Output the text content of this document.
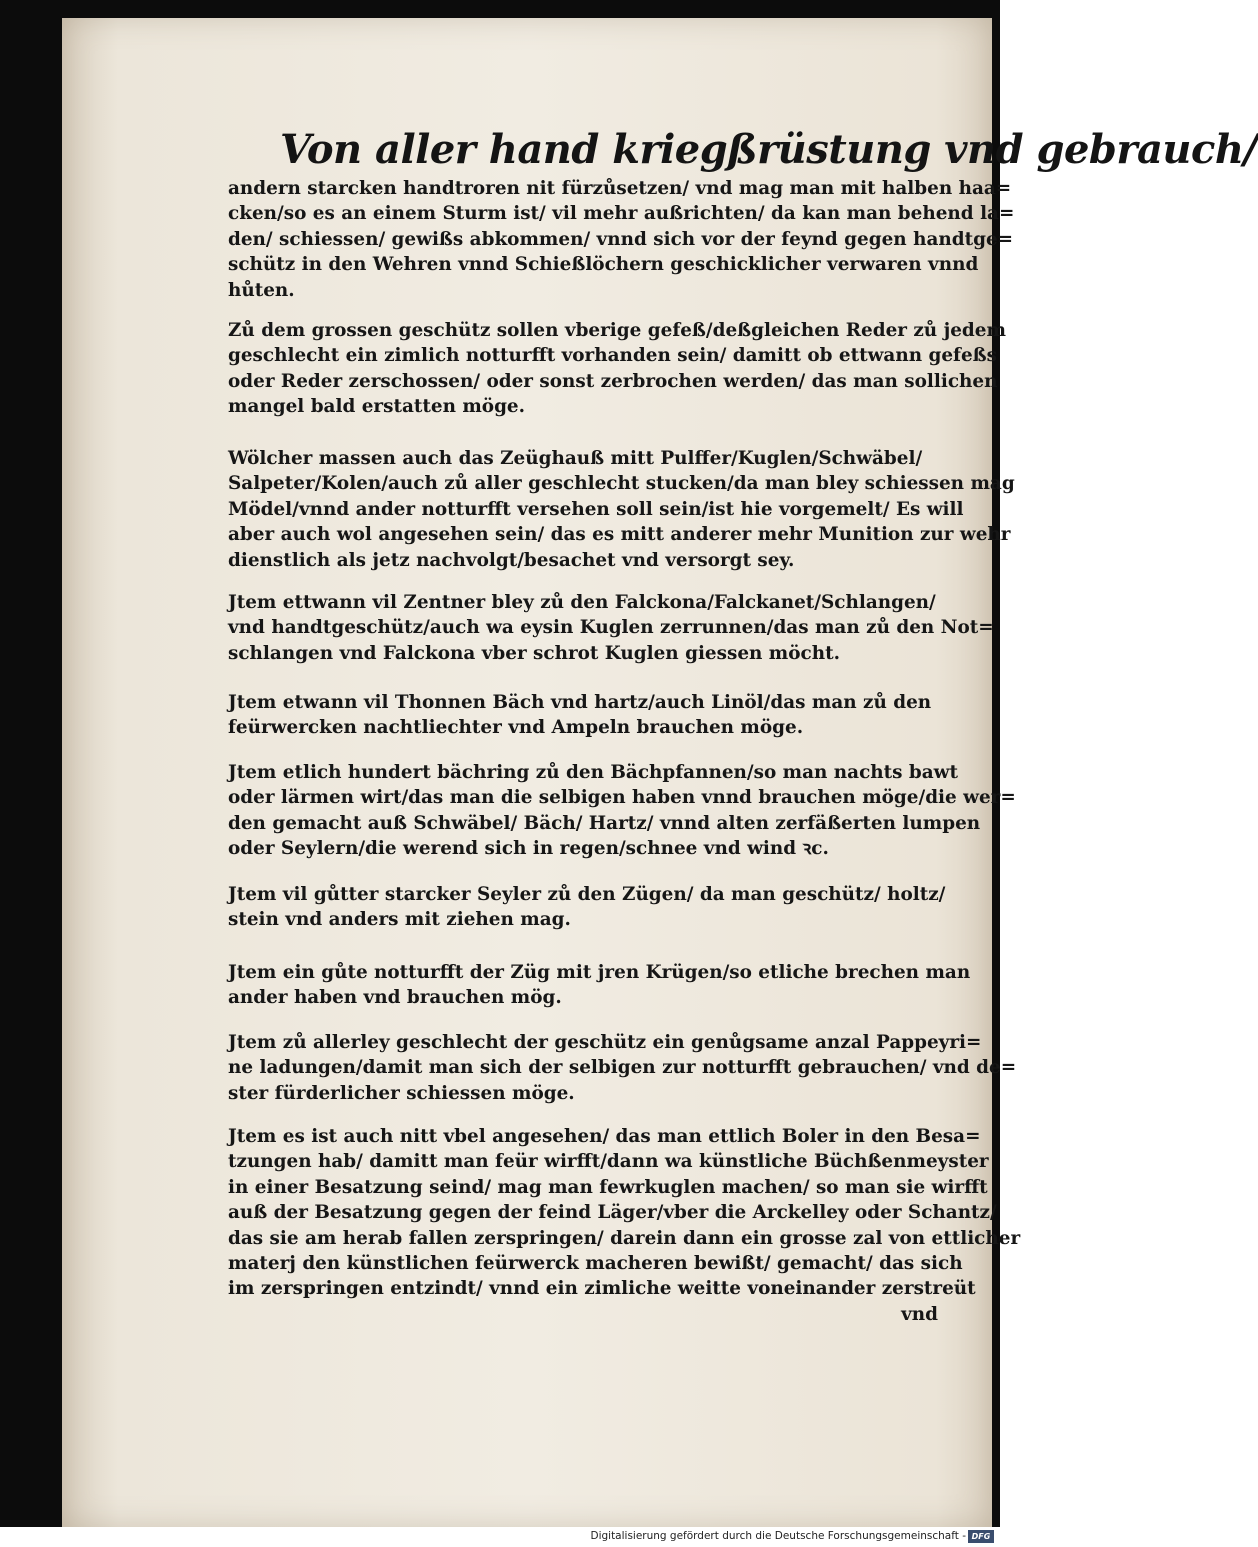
Von aller hand kriegßrüstung vnd gebrauch/
andern starcken handtroren nit fürzůsetzen/ vnd mag man mit halben haa=
cken/so es an einem Sturm ist/ vil mehr außrichten/ da kan man behend la=
den/ schiessen/ gewißs abkommen/ vnnd sich vor der feynd gegen handtge=
schütz in den Wehren vnnd Schießlöchern geschicklicher verwaren vnnd
hůten.
Zů dem grossen geschütz sollen vberige gefeß/deßgleichen Reder zů jedem
geschlecht ein zimlich notturfft vorhanden sein/ damitt ob ettwann gefeßs
oder Reder zerschossen/ oder sonst zerbrochen werden/ das man sollichen
mangel bald erstatten möge.
Wölcher massen auch das Zeüghauß mitt Pulffer/Kuglen/Schwäbel/
Salpeter/Kolen/auch zů aller geschlecht stucken/da man bley schiessen mag
Mödel/vnnd ander notturfft versehen soll sein/ist hie vorgemelt/ Es will
aber auch wol angesehen sein/ das es mitt anderer mehr Munition zur wehr
dienstlich als jetz nachvolgt/besachet vnd versorgt sey.
Jtem ettwann vil Zentner bley zů den Falckona/Falckanet/Schlangen/
vnd handtgeschütz/auch wa eysin Kuglen zerrunnen/das man zů den Not=
schlangen vnd Falckona vber schrot Kuglen giessen möcht.
Jtem etwann vil Thonnen Bäch vnd hartz/auch Linöl/das man zů den
feürwercken nachtliechter vnd Ampeln brauchen möge.
Jtem etlich hundert bächring zů den Bächpfannen/so man nachts bawt
oder lärmen wirt/das man die selbigen haben vnnd brauchen möge/die wer=
den gemacht auß Schwäbel/ Bäch/ Hartz/ vnnd alten zerfäßerten lumpen
oder Seylern/die werend sich in regen/schnee vnd wind ꝛc.
Jtem vil gůtter starcker Seyler zů den Zügen/ da man geschütz/ holtz/
stein vnd anders mit ziehen mag.
Jtem ein gůte notturfft der Züg mit jren Krügen/so etliche brechen man
ander haben vnd brauchen mög.
Jtem zů allerley geschlecht der geschütz ein genůgsame anzal Pappeyri=
ne ladungen/damit man sich der selbigen zur notturfft gebrauchen/ vnd de=
ster fürderlicher schiessen möge.
Jtem es ist auch nitt vbel angesehen/ das man ettlich Boler in den Besa=
tzungen hab/ damitt man feür wirfft/dann wa künstliche Büchßenmeyster
in einer Besatzung seind/ mag man fewrkuglen machen/ so man sie wirfft
auß der Besatzung gegen der feind Läger/vber die Arckelley oder Schantz/
das sie am herab fallen zerspringen/ darein dann ein grosse zal von ettlicher
materj den künstlichen feürwerck macheren bewißt/ gemacht/ das sich
im zerspringen entzindt/ vnnd ein zimliche weitte voneinander zerstreüt
vnd
Digitalisierung gefördert durch die Deutsche Forschungsgemeinschaft - DFG
